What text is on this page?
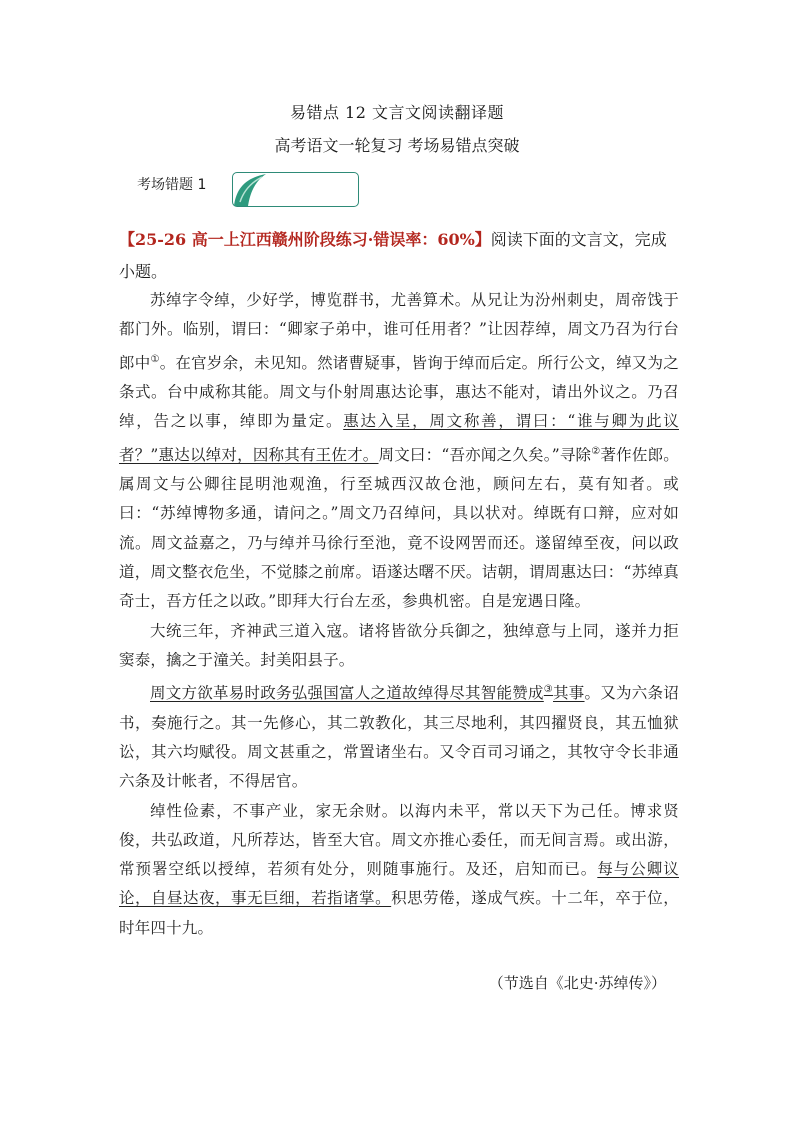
易错点 12 文言文阅读翻译题
高考语文一轮复习 考场易错点突破
考场错题 1
【25-26 高一上江西赣州阶段练习·错误率：60%】阅读下面的文言文，完成小题。

苏绰字令绰，少好学，博览群书，尤善算术。从兄让为汾州刺史，周帝饯于都门外。临别，谓曰：“卿家子弟中，谁可任用者？”让因荐绰，周文乃召为行台郎中①。在官岁余，未见知。然诸曹疑事，皆询于绰而后定。所行公文，绰又为之条式。台中咸称其能。周文与仆射周惠达论事，惠达不能对，请出外议之。乃召绰，告之以事，绰即为量定。惠达入呈，周文称善，谓曰：“谁与卿为此议者？”惠达以绰对，因称其有王佐才。周文曰：“吾亦闻之久矣。”寻除②著作佐郎。属周文与公卿往昆明池观渔，行至城西汉故仓池，顾问左右，莫有知者。或曰：“苏绰博物多通，请问之。”周文乃召绰问，具以状对。绰既有口辩，应对如流。周文益嘉之，乃与绰并马徐行至池，竟不设网罟而还。遂留绰至夜，问以政道，周文整衣危坐，不觉膝之前席。语遂达曙不厌。诘朝，谓周惠达曰：“苏绰真奇士，吾方任之以政。”即拜大行台左丞，参典机密。自是宠遇日隆。

大统三年，齐神武三道入寇。诸将皆欲分兵御之，独绰意与上同，遂并力拒窦泰，擒之于潼关。封美阳县子。

周文方欲革易时政务弘强国富人之道故绰得尽其智能赞成③其事。又为六条诏书，奏施行之。其一先修心，其二敦教化，其三尽地利，其四擢贤良，其五恤狱讼，其六均赋役。周文甚重之，常置诸坐右。又令百司习诵之，其牧守令长非通六条及计帐者，不得居官。

绰性俭素，不事产业，家无余财。以海内未平，常以天下为己任。博求贤俊，共弘政道，凡所荐达，皆至大官。周文亦推心委任，而无间言焉。或出游，常预署空纸以授绰，若须有处分，则随事施行。及还，启知而已。每与公卿议论，自昼达夜，事无巨细，若指诸掌。积思劳倦，遂成气疾。十二年，卒于位，时年四十九。

（节选自《北史·苏绰传》）
